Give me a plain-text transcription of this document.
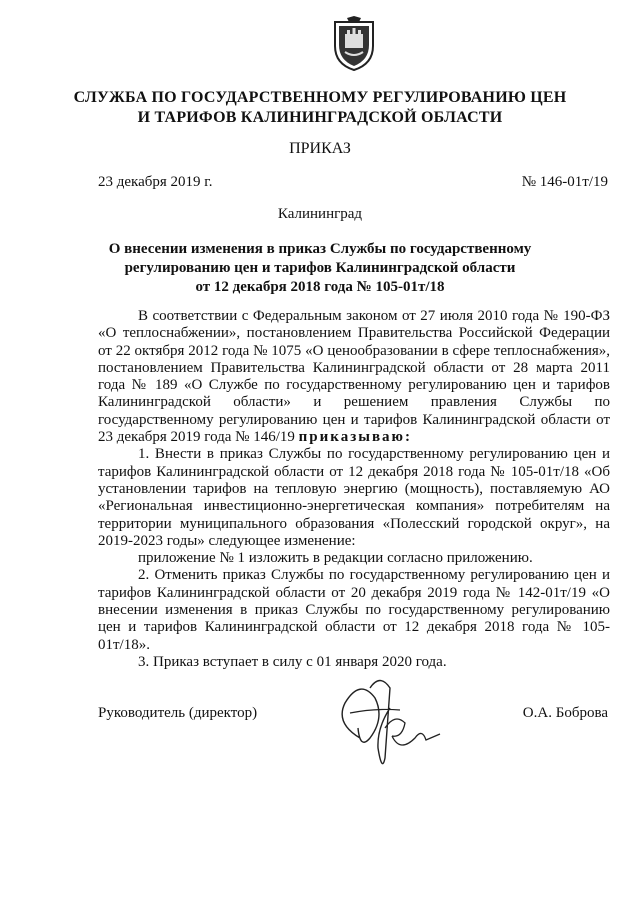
СЛУЖБА ПО ГОСУДАРСТВЕННОМУ РЕГУЛИРОВАНИЮ ЦЕН
И ТАРИФОВ КАЛИНИНГРАДСКОЙ ОБЛАСТИ
ПРИКАЗ
23 декабря 2019 г.	№ 146-01т/19
Калининград
О внесении изменения в приказ Службы по государственному
регулированию цен и тарифов Калининградской области
от 12 декабря 2018 года № 105-01т/18

В соответствии с Федеральным законом от 27 июля 2010 года № 190-ФЗ «О теплоснабжении», постановлением Правительства Российской Федерации от 22 октября 2012 года № 1075 «О ценообразовании в сфере теплоснабжения», постановлением Правительства Калининградской области от 28 марта 2011 года № 189 «О Службе по государственному регулированию цен и тарифов Калининградской области» и решением правления Службы по государственному регулированию цен и тарифов Калининградской области от 23 декабря 2019 года № 146/19 приказываю:

1. Внести в приказ Службы по государственному регулированию цен и тарифов Калининградской области от 12 декабря 2018 года № 105-01т/18 «Об установлении тарифов на тепловую энергию (мощность), поставляемую АО «Региональная инвестиционно-энергетическая компания» потребителям на территории муниципального образования «Полесский городской округ», на 2019-2023 годы» следующее изменение:

приложение № 1 изложить в редакции согласно приложению.

2. Отменить приказ Службы по государственному регулированию цен и тарифов Калининградской области от 20 декабря 2019 года № 142-01т/19 «О внесении изменения в приказ Службы по государственному регулированию цен и тарифов Калининградской области от 12 декабря 2018 года № 105-01т/18».

3. Приказ вступает в силу с 01 января 2020 года.

Руководитель (директор)	О.А. Боброва
